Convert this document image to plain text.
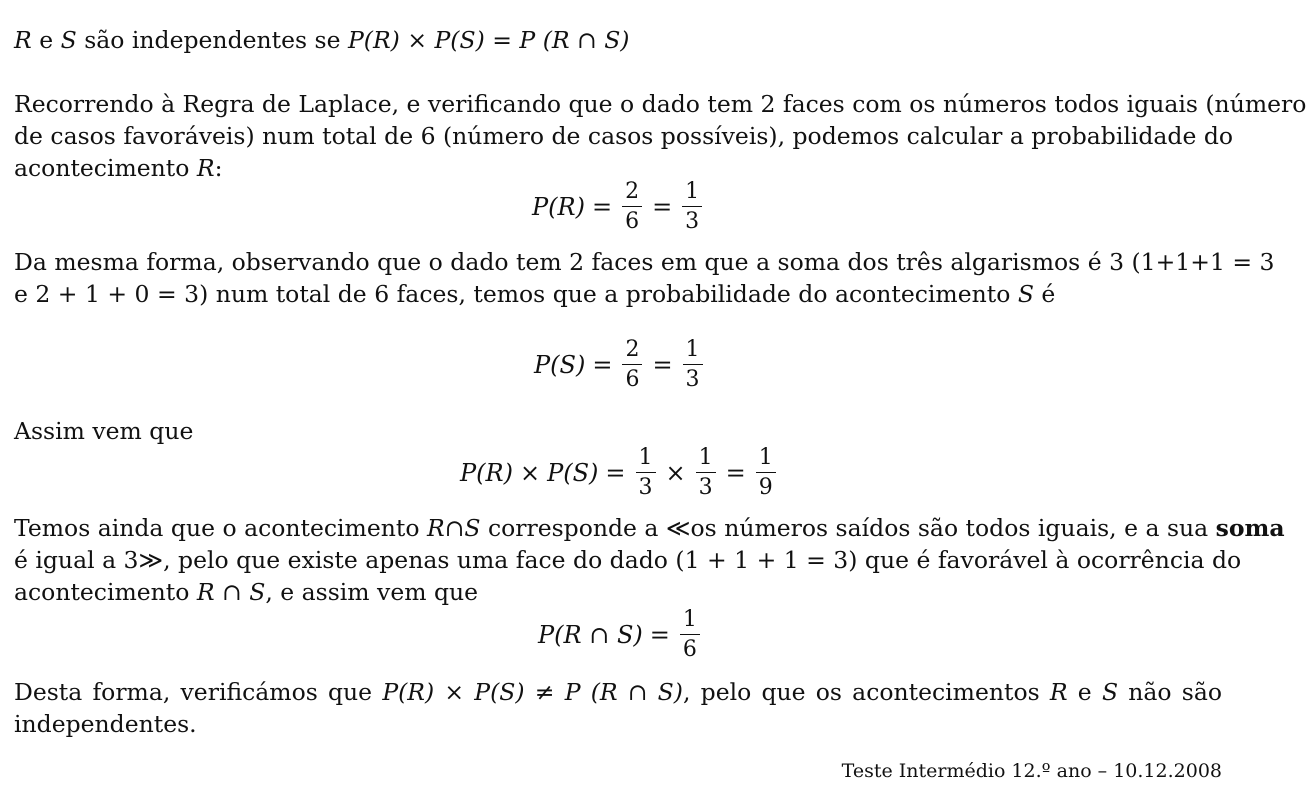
R e S são independentes se P(R) × P(S) = P (R ∩ S)
Recorrendo à Regra de Laplace, e verificando que o dado tem 2 faces com os números todos iguais (número
de casos favoráveis) num total de 6 (número de casos possíveis), podemos calcular a probabilidade do
acontecimento R:
$P(R) = \frac{2}{6} = \frac{1}{3}$
Da mesma forma, observando que o dado tem 2 faces em que a soma dos três algarismos é 3 (1+1+1 = 3
e 2 + 1 + 0 = 3) num total de 6 faces, temos que a probabilidade do acontecimento S é
$P(S) = \frac{2}{6} = \frac{1}{3}$
Assim vem que
$P(R) \times P(S) = \frac{1}{3} \times \frac{1}{3} = \frac{1}{9}$
Temos ainda que o acontecimento R∩S corresponde a ≪os números saídos são todos iguais, e a sua soma
é igual a 3≫, pelo que existe apenas uma face do dado (1 + 1 + 1 = 3) que é favorável à ocorrência do
acontecimento R ∩ S, e assim vem que
P(R ∩ $S) = \frac{1}{6}$
Desta forma, verificámos que P(R) × P(S) ≠ P (R ∩ S), pelo que os acontecimentos R e S não são
independentes.
Teste Intermédio 12.º ano – 10.12.2008
